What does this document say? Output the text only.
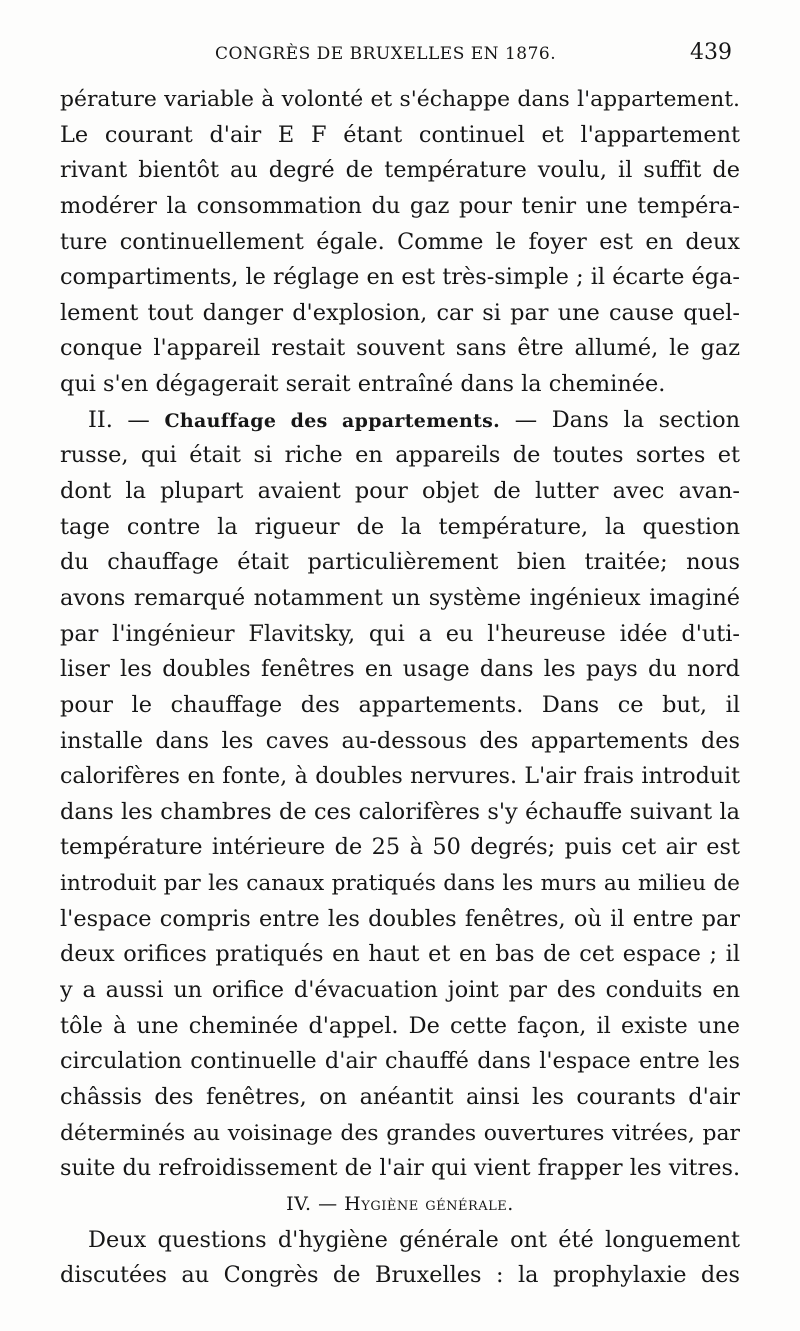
CONGRÈS DE BRUXELLES EN 1876.	439
pérature variable à volonté et s'échappe dans l'appartement.
Le courant d'air E F étant continuel et l'appartement
rivant bientôt au degré de température voulu, il suffit de
modérer la consommation du gaz pour tenir une tempéra-
ture continuellement égale. Comme le foyer est en deux
compartiments, le réglage en est très-simple ; il écarte éga-
lement tout danger d'explosion, car si par une cause quel-
conque l'appareil restait souvent sans être allumé, le gaz
qui s'en dégagerait serait entraîné dans la cheminée.
II. — Chauffage des appartements. — Dans la section
russe, qui était si riche en appareils de toutes sortes et
dont la plupart avaient pour objet de lutter avec avan-
tage contre la rigueur de la température, la question
du chauffage était particulièrement bien traitée; nous
avons remarqué notamment un système ingénieux imaginé
par l'ingénieur Flavitsky, qui a eu l'heureuse idée d'uti-
liser les doubles fenêtres en usage dans les pays du nord
pour le chauffage des appartements. Dans ce but, il
installe dans les caves au-dessous des appartements des
calorifères en fonte, à doubles nervures. L'air frais introduit
dans les chambres de ces calorifères s'y échauffe suivant la
température intérieure de 25 à 50 degrés; puis cet air est
introduit par les canaux pratiqués dans les murs au milieu de
l'espace compris entre les doubles fenêtres, où il entre par
deux orifices pratiqués en haut et en bas de cet espace ; il
y a aussi un orifice d'évacuation joint par des conduits en
tôle à une cheminée d'appel. De cette façon, il existe une
circulation continuelle d'air chauffé dans l'espace entre les
châssis des fenêtres, on anéantit ainsi les courants d'air
déterminés au voisinage des grandes ouvertures vitrées, par
suite du refroidissement de l'air qui vient frapper les vitres.
IV. — Hygiène générale.
Deux questions d'hygiène générale ont été longuement
discutées au Congrès de Bruxelles : la prophylaxie des
